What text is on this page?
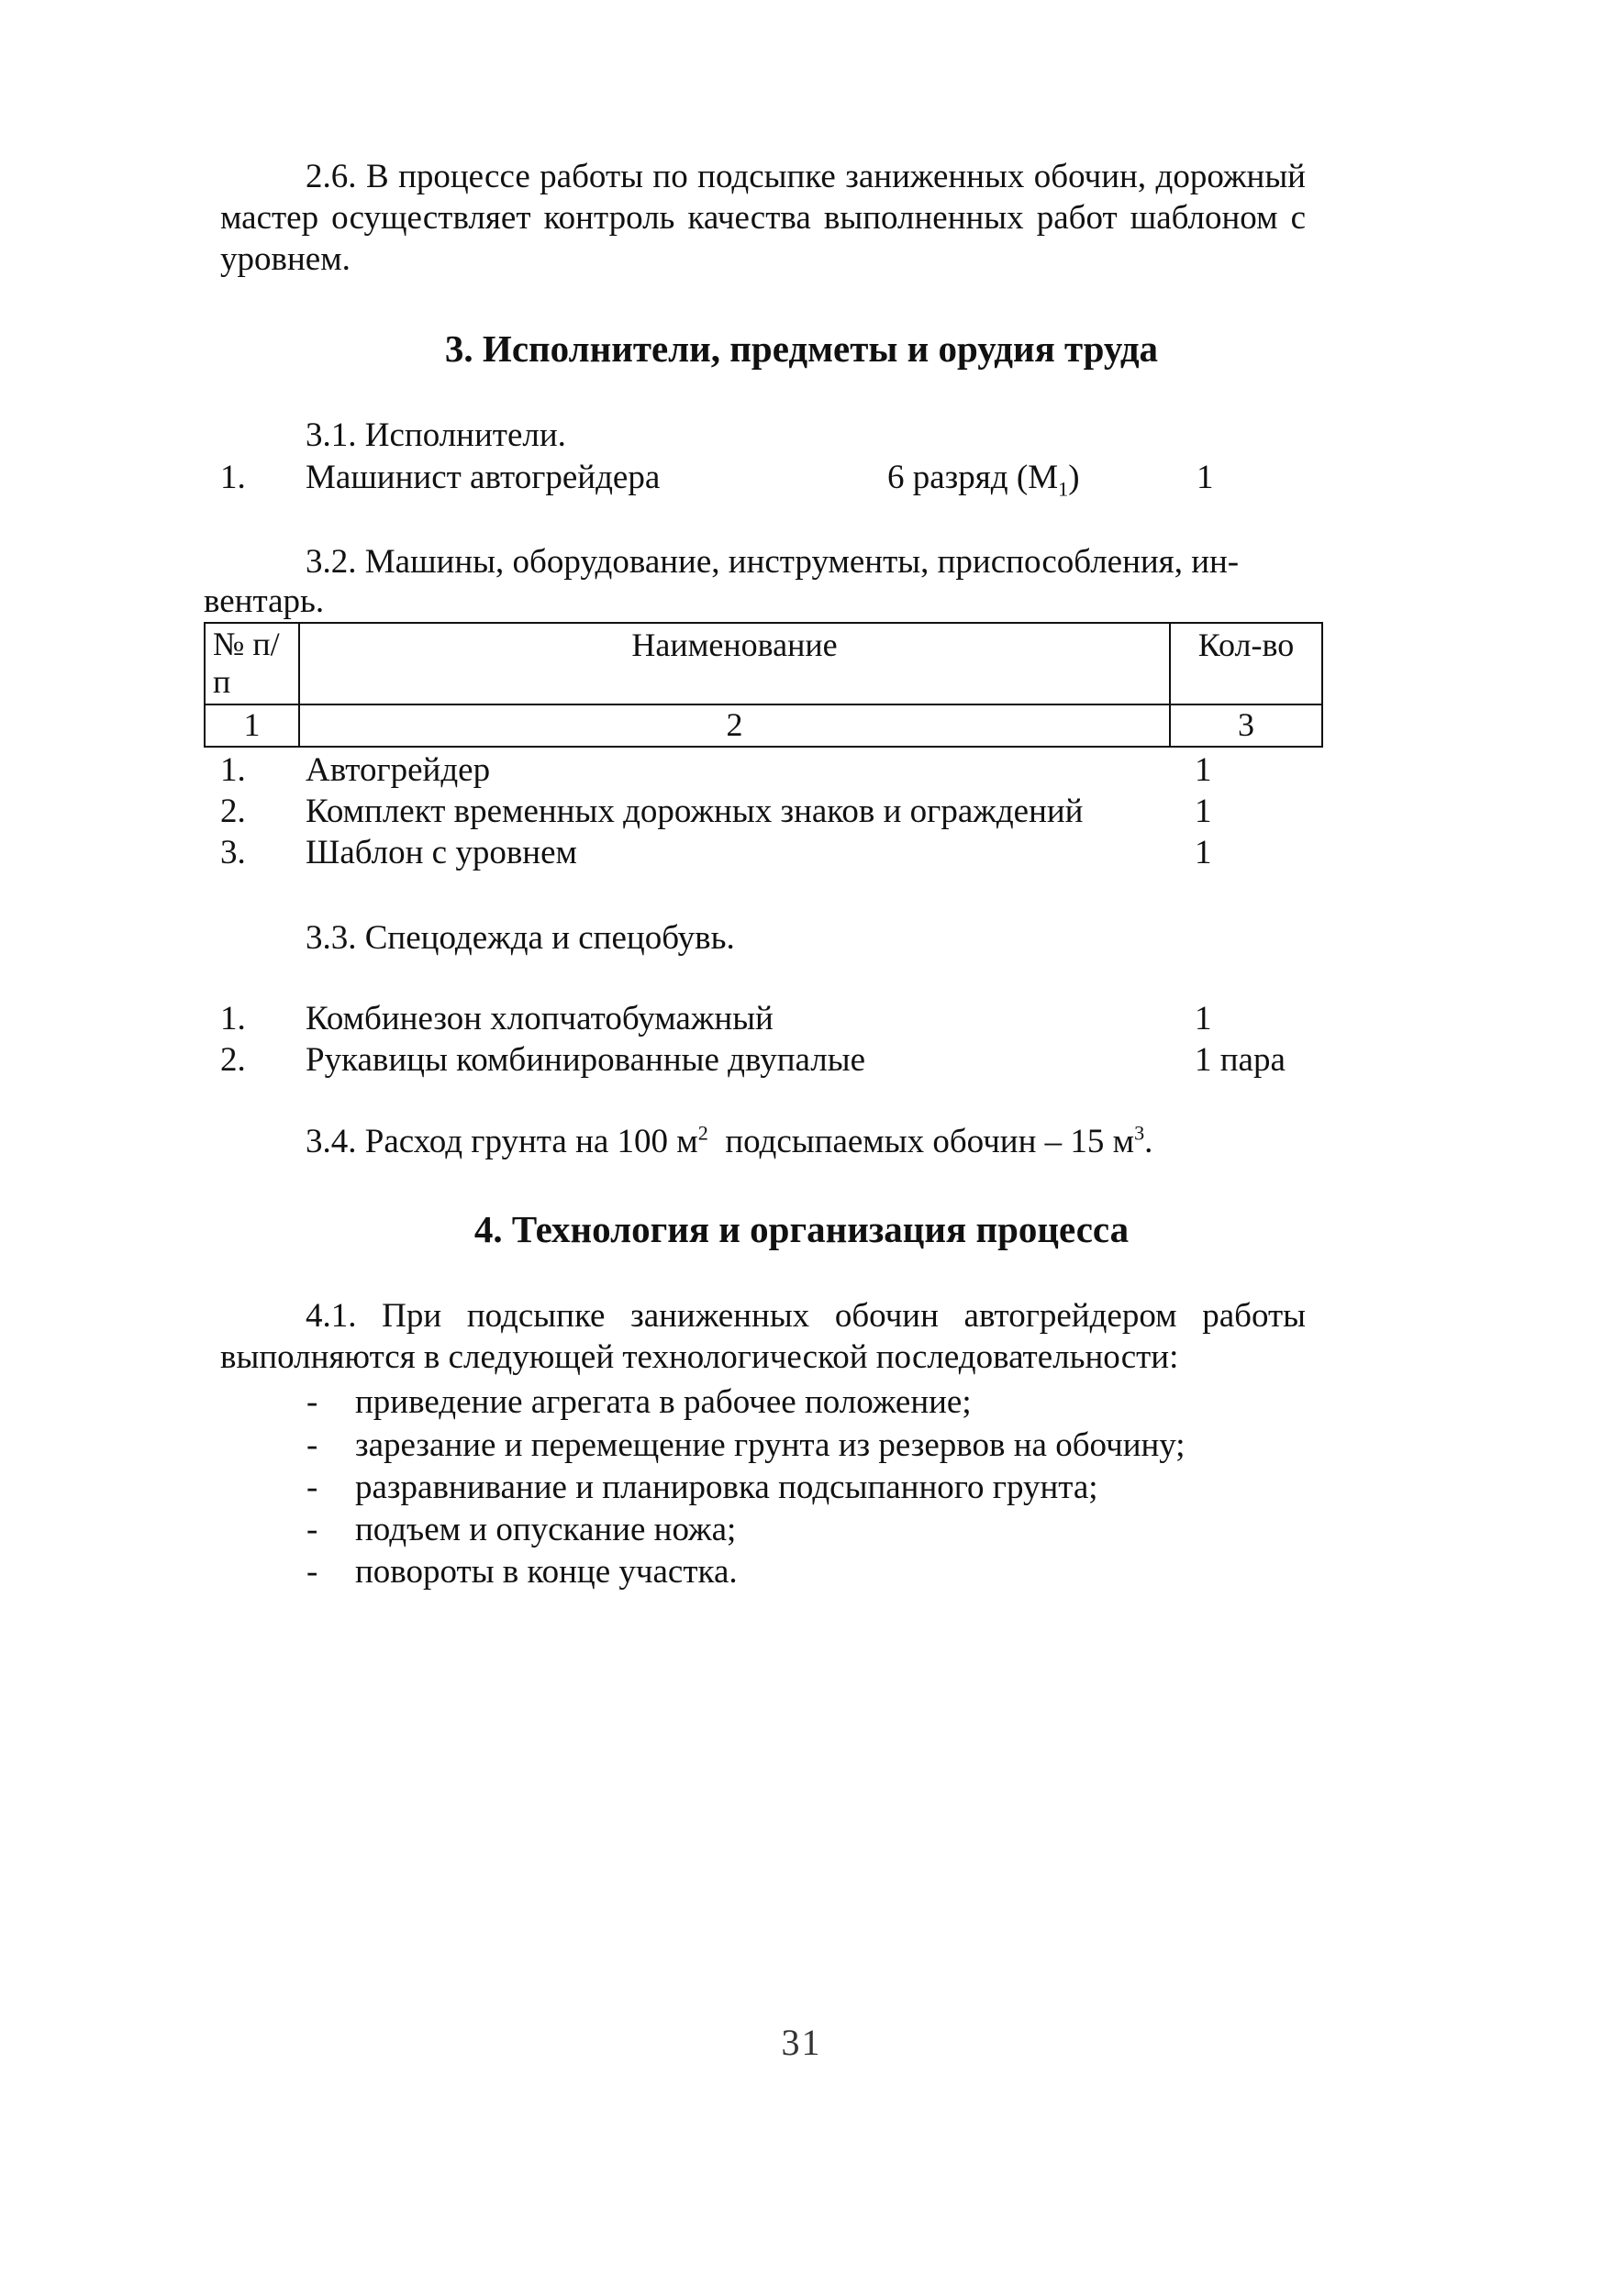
2.6. В процессе работы по подсыпке заниженных обочин, дорожный мастер осуществляет контроль качества выполненных работ шаблоном с уровнем.
3. Исполнители, предметы и орудия труда
3.1. Исполнители.
1. Машинист автогрейдера	6 разряд $(М_1)$	1
3.2. Машины, оборудование, инструменты, приспособления, ин-
вентарь.
№ п/п	Наименование	Кол-во
1	2	3
1. Автогрейдер	1
2. Комплект временных дорожных знаков и ограждений	1
3. Шаблон с уровнем	1
3.3. Спецодежда и спецобувь.
1. Комбинезон хлопчатобумажный	1
2. Рукавицы комбинированные двупалые	1 пара
3.4. Расход грунта на 100 $м^2$  подсыпаемых обочин – 15 $м^3$.
4. Технология и организация процесса
4.1. При подсыпке заниженных обочин автогрейдером работы выполняются в следующей технологической последовательности:
- приведение агрегата в рабочее положение;
- зарезание и перемещение грунта из резервов на обочину;
- разравнивание и планировка подсыпанного грунта;
- подъем и опускание ножа;
- повороты в конце участка.
31
